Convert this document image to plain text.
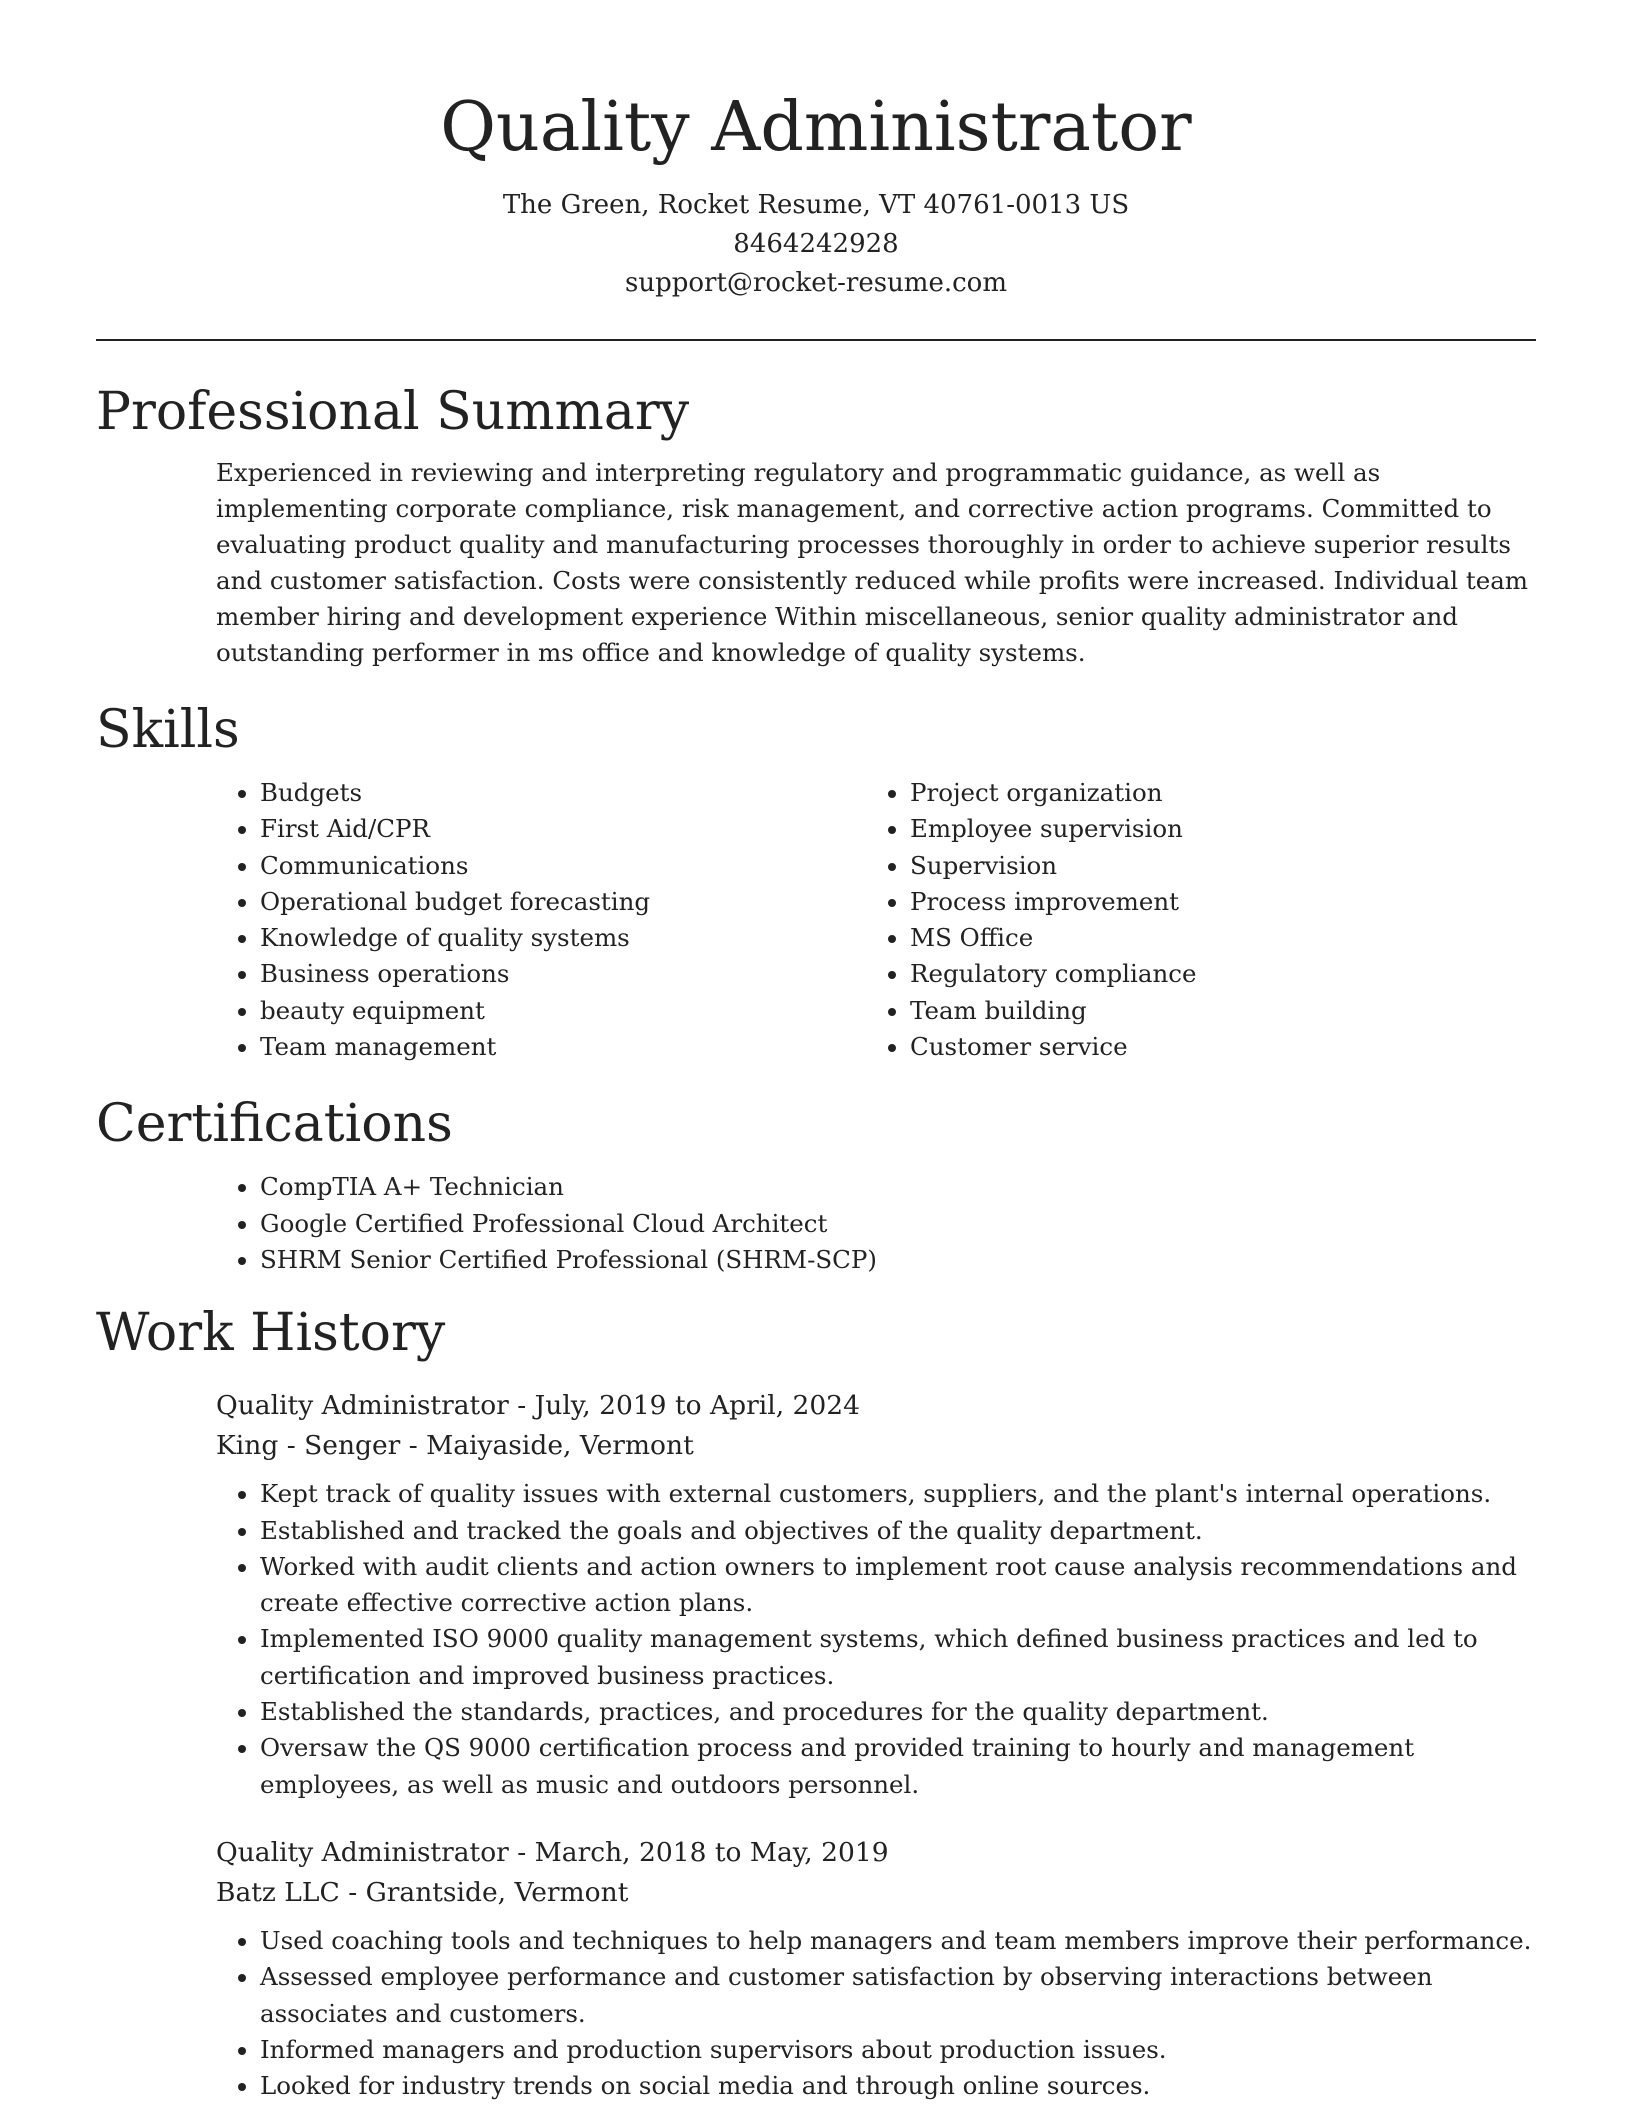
Quality Administrator

The Green, Rocket Resume, VT 40761-0013 US

8464242928

support@rocket-resume.com

Professional Summary

Experienced in reviewing and interpreting regulatory and programmatic guidance, as well as implementing corporate compliance, risk management, and corrective action programs. Committed to evaluating product quality and manufacturing processes thoroughly in order to achieve superior results and customer satisfaction. Costs were consistently reduced while profits were increased. Individual team member hiring and development experience Within miscellaneous, senior quality administrator and outstanding performer in ms office and knowledge of quality systems.

Skills
• Budgets
• First Aid/CPR
• Communications
• Operational budget forecasting
• Knowledge of quality systems
• Business operations
• beauty equipment
• Team management
• Project organization
• Employee supervision
• Supervision
• Process improvement
• MS Office
• Regulatory compliance
• Team building
• Customer service
Certifications
• CompTIA A+ Technician
• Google Certified Professional Cloud Architect
• SHRM Senior Certified Professional (SHRM-SCP)
Work History

Quality Administrator - July, 2019 to April, 2024

King - Senger - Maiyaside, Vermont

• Kept track of quality issues with external customers, suppliers, and the plant's internal operations.
• Established and tracked the goals and objectives of the quality department.
• Worked with audit clients and action owners to implement root cause analysis recommendations and create effective corrective action plans.
• Implemented ISO 9000 quality management systems, which defined business practices and led to certification and improved business practices.
• Established the standards, practices, and procedures for the quality department.
• Oversaw the QS 9000 certification process and provided training to hourly and management employees, as well as music and outdoors personnel.

Quality Administrator - March, 2018 to May, 2019

Batz LLC - Grantside, Vermont

• Used coaching tools and techniques to help managers and team members improve their performance.
• Assessed employee performance and customer satisfaction by observing interactions between associates and customers.
• Informed managers and production supervisors about production issues.
• Looked for industry trends on social media and through online sources.
